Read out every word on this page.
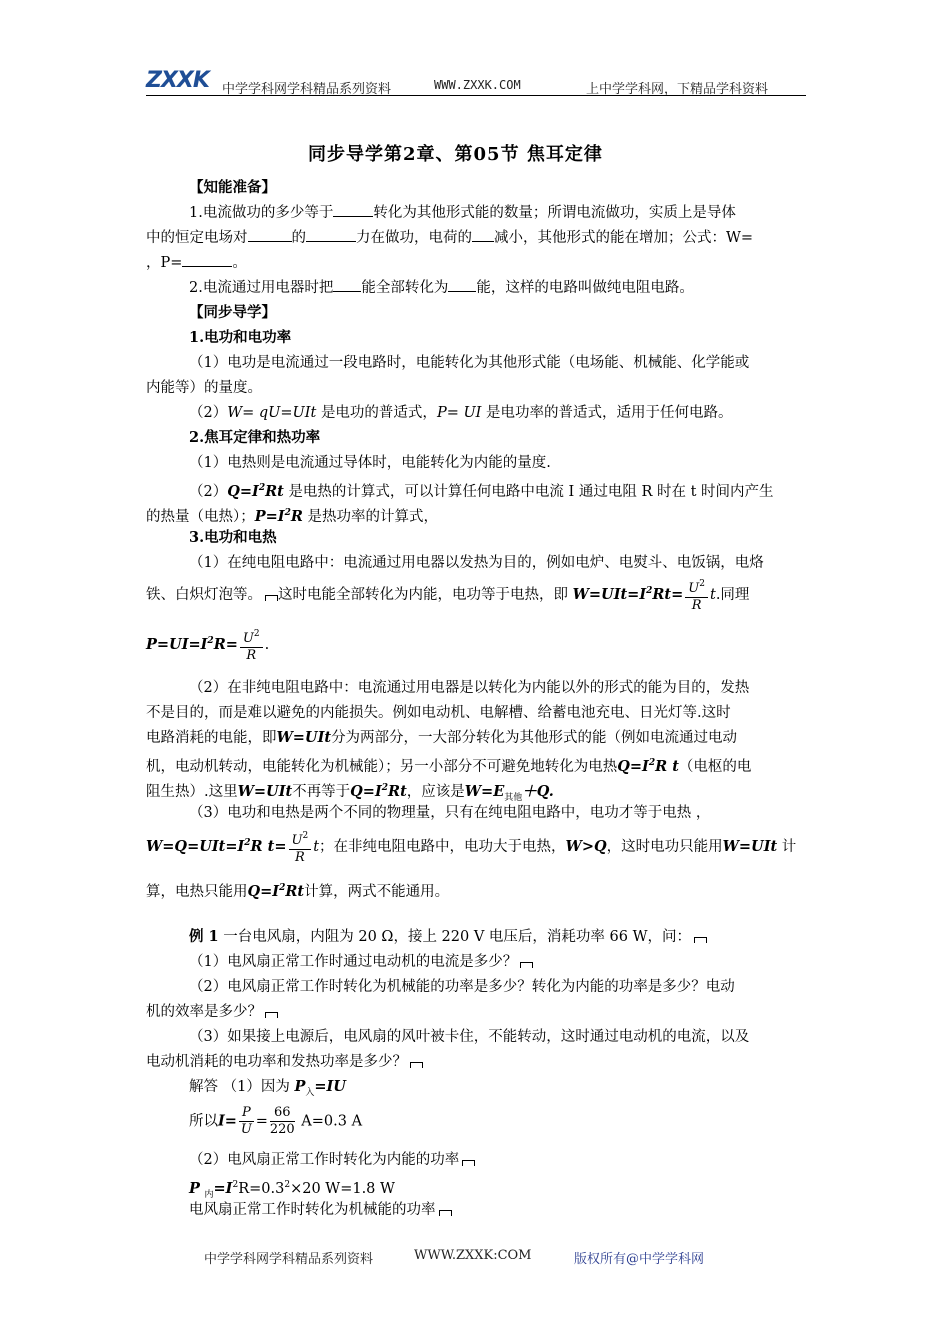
ZXXK	中学学科网学科精品系列资料	WWW.ZXXK.COM	上中学学科网，下精品学科资料
同步导学第2章、第05节 焦耳定律
【知能准备】
1.电流做功的多少等于	转化为其他形式能的数量；所谓电流做功，实质上是导体
中的恒定电场对	的	力在做功，电荷的 减小，其他形式的能在增加；公式：W=
，P=	。
2.电流通过用电器时把 能全部转化为 能，这样的电路叫做纯电阻电路。
【同步导学】
1.电功和电功率
（1）电功是电流通过一段电路时，电能转化为其他形式能（电场能、机械能、化学能或
内能等）的量度。
（2）W= qU=UIt 是电功的普适式，P= UI 是电功率的普适式，适用于任何电路。
2.焦耳定律和热功率
（1）电热则是电流通过导体时，电能转化为内能的量度.
$(2)Q=I^2Rt$ 是电热的计算式，可以计算任何电路中电流 I 通过电阻 R 时在 t 时间内产生
的热量（电热）；$P=I^2R$ 是热功率的计算式，
3.电功和电热
（1）在纯电阻电路中：电流通过用电器以发热为目的，例如电炉、电熨斗、电饭锅，电烙
铁、白炽灯泡等。 这时电能全部转化为内能，电功等于电热，即 $W=UIt=I^2Rt= \frac{U^2}{R} t$.同理
$P=UI=I^2R= \frac{U^2}{R}$ .
（2）在非纯电阻电路中：电流通过用电器是以转化为内能以外的形式的能为目的，发热
不是目的，而是难以避免的内能损失。例如电动机、电解槽、给蓄电池充电、日光灯等.这时
电路消耗的电能，即W=UIt分为两部分，一大部分转化为其他形式的能（例如电流通过电动
机，电动机转动，电能转化为机械能）；另一小部分不可避免地转化为电热$Q=I^2R$ t（电枢的电
阻生热）.这里W=UIt不再等于$Q=I^2Rt$，应该是$W=E_{其他}+Q$.
（3）电功和电热是两个不同的物理量，只有在纯电阻电路中，电功才等于电热 ，
$W=Q=UIt=I^2R$ $t= \frac{U^2}{R}$ t；在非纯电阻电路中，电功大于电热，W>Q，这时电功只能用W=UIt 计
算，电热只能用$Q=I^2Rt$计算，两式不能通用。
例 1 一台电风扇，内阻为 20 Ω，接上 220 V 电压后，消耗功率 66 W，问：
（1）电风扇正常工作时通过电动机的电流是多少？
（2）电风扇正常工作时转化为机械能的功率是多少？转化为内能的功率是多少？电动
机的效率是多少？
（3）如果接上电源后，电风扇的风叶被卡住，不能转动，这时通过电动机的电流，以及
电动机消耗的电功率和发热功率是多少？
解答 （1）因为 $P_入=IU$
所以$I= \frac{P}{U} = \frac{66}{220} A=0.3$ A
（2）电风扇正常工作时转化为内能的功率
P $_内=I^2R=0.3^2\times 20$ W=1.8 W
电风扇正常工作时转化为机械能的功率
中学学科网学科精品系列资料	WWW.ZXXK:COM	版权所有@中学学科网
